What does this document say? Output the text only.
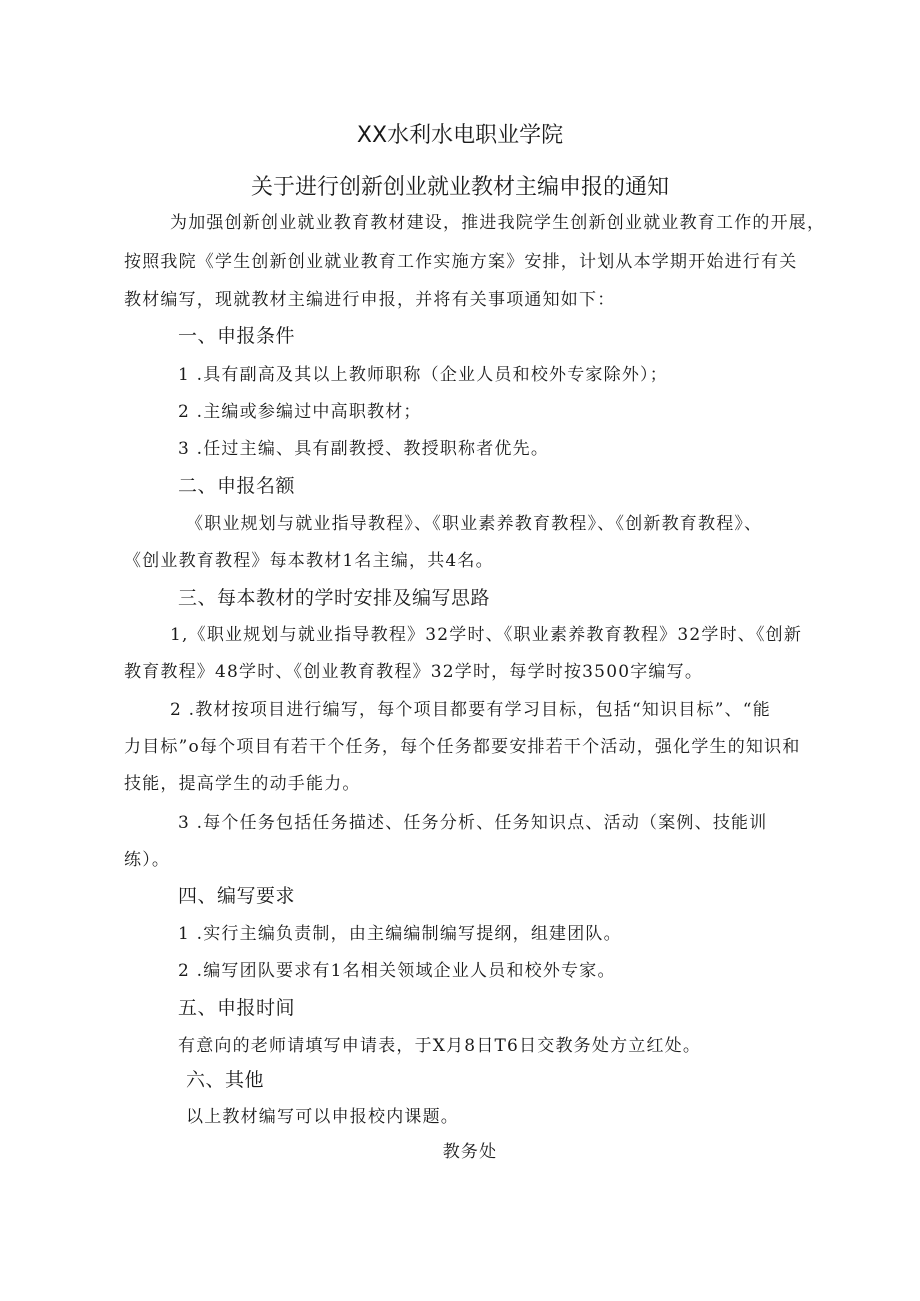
XX水利水电职业学院
关于进行创新创业就业教材主编申报的通知
为加强创新创业就业教育教材建设，推进我院学生创新创业就业教育工作的开展，
按照我院《学生创新创业就业教育工作实施方案》安排，计划从本学期开始进行有关
教材编写，现就教材主编进行申报，并将有关事项通知如下：
一、申报条件
1 .具有副高及其以上教师职称（企业人员和校外专家除外）；
2 .主编或参编过中高职教材；
3 .任过主编、具有副教授、教授职称者优先。
二、申报名额
《职业规划与就业指导教程》、《职业素养教育教程》、《创新教育教程》、
《创业教育教程》每本教材1名主编，共4名。
三、每本教材的学时安排及编写思路
1,《职业规划与就业指导教程》32学时、《职业素养教育教程》32学时、《创新
教育教程》48学时、《创业教育教程》32学时，每学时按3500字编写。
2 .教材按项目进行编写，每个项目都要有学习目标，包括“知识目标”、“能
力目标”o每个项目有若干个任务，每个任务都要安排若干个活动，强化学生的知识和
技能，提高学生的动手能力。
3 .每个任务包括任务描述、任务分析、任务知识点、活动（案例、技能训
练）。
四、编写要求
1 .实行主编负责制，由主编编制编写提纲，组建团队。
2 .编写团队要求有1名相关领域企业人员和校外专家。
五、申报时间
有意向的老师请填写申请表，于X月8日T6日交教务处方立红处。
六、其他
以上教材编写可以申报校内课题。
教务处
